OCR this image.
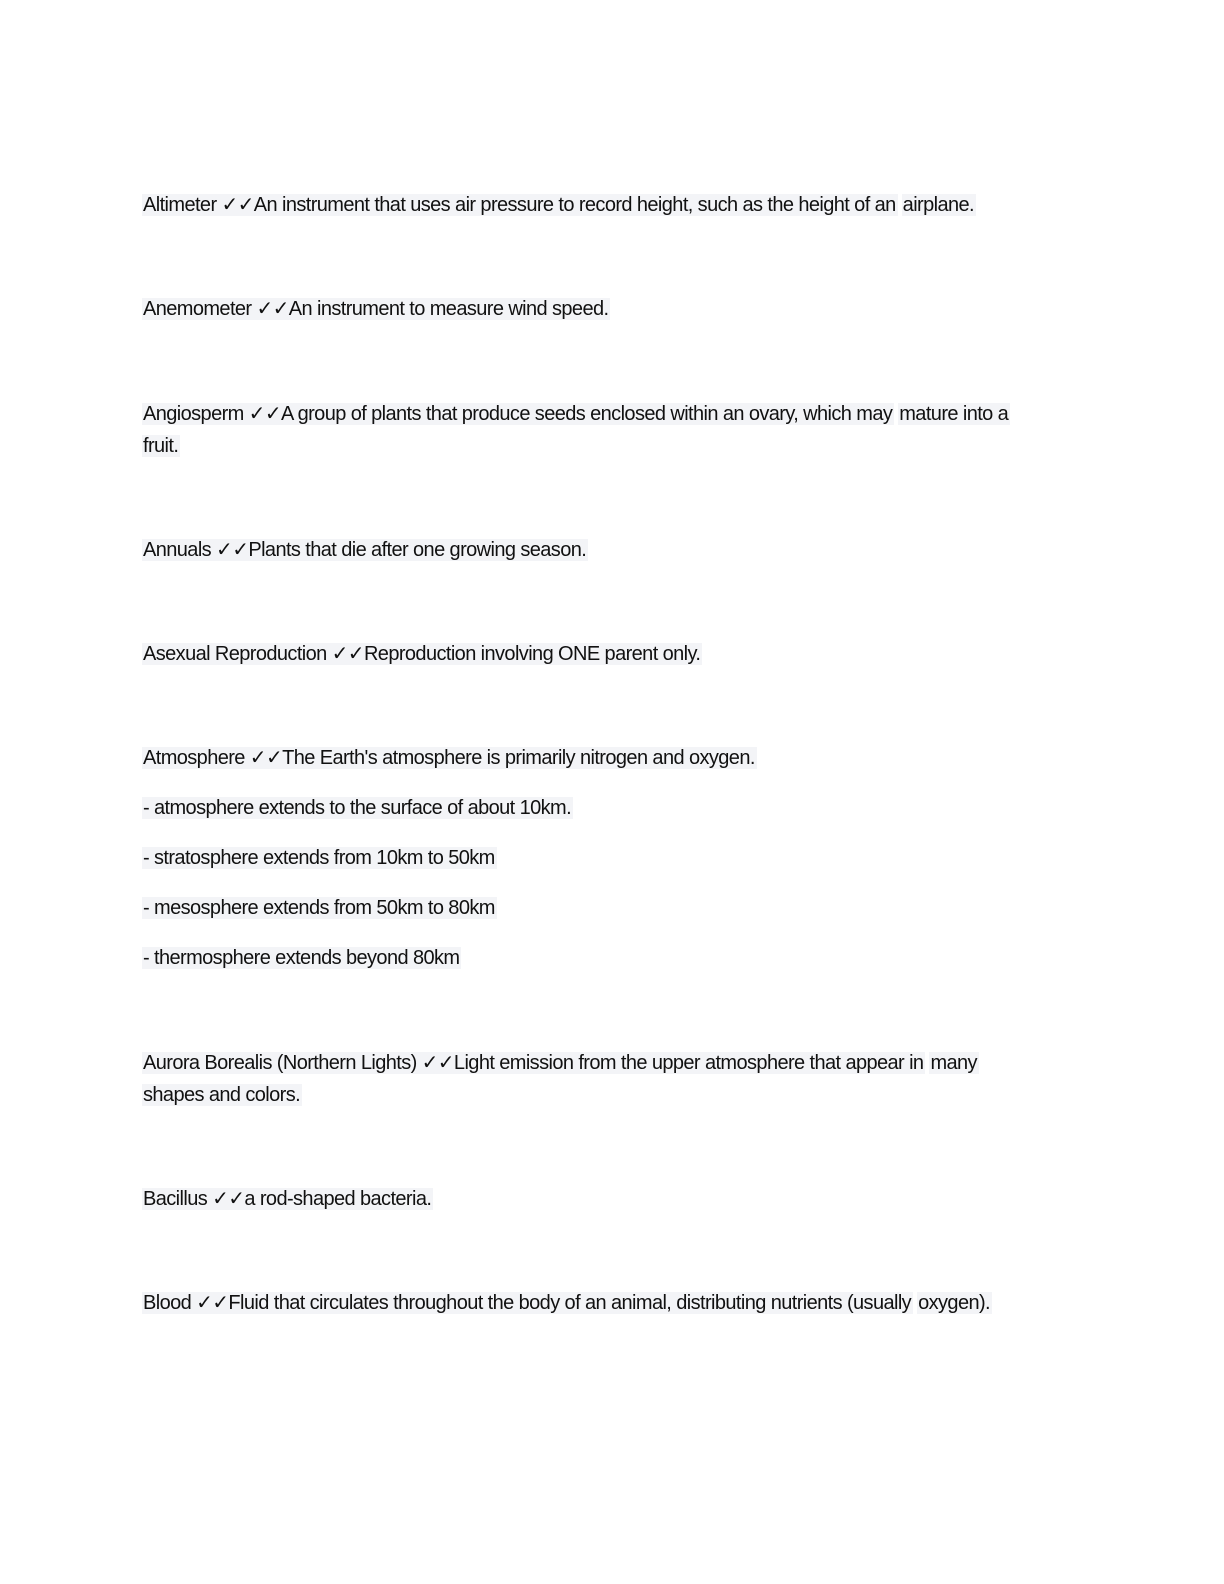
Altimeter ✓✓An instrument that uses air pressure to record height, such as the height of an airplane.
Anemometer ✓✓An instrument to measure wind speed.
Angiosperm ✓✓A group of plants that produce seeds enclosed within an ovary, which may mature into a
fruit.
Annuals ✓✓Plants that die after one growing season.
Asexual Reproduction ✓✓Reproduction involving ONE parent only.
Atmosphere ✓✓The Earth's atmosphere is primarily nitrogen and oxygen.
- atmosphere extends to the surface of about 10km.
- stratosphere extends from 10km to 50km
- mesosphere extends from 50km to 80km
- thermosphere extends beyond 80km
Aurora Borealis (Northern Lights) ✓✓Light emission from the upper atmosphere that appear in many
shapes and colors.
Bacillus ✓✓a rod-shaped bacteria.
Blood ✓✓Fluid that circulates throughout the body of an animal, distributing nutrients (usually oxygen).
